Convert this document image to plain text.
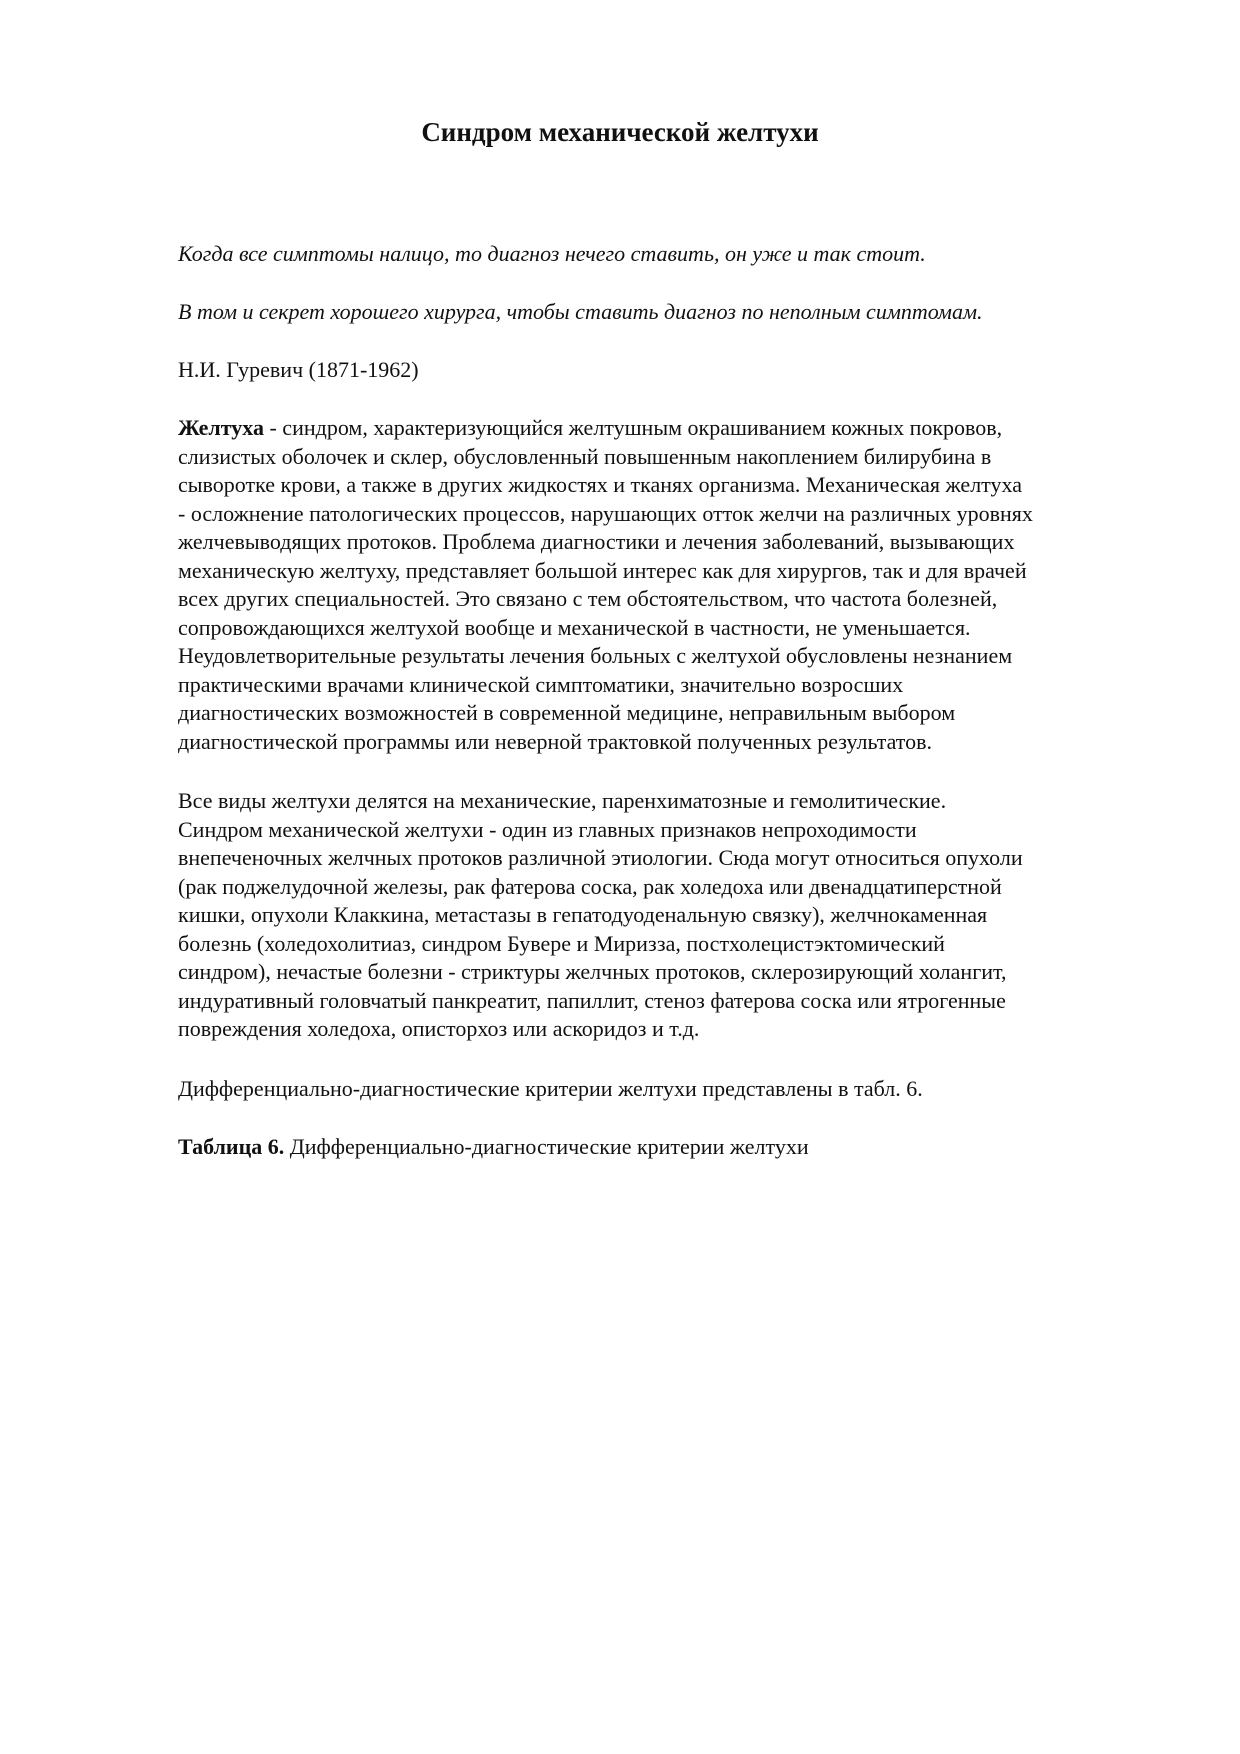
Синдром механической желтухи
Когда все симптомы налицо, то диагноз нечего ставить, он уже и так стоит.
В том и секрет хорошего хирурга, чтобы ставить диагноз по неполным симптомам.
Н.И. Гуревич (1871-1962)
Желтуха - синдром, характеризующийся желтушным окрашиванием кожных покровов,
слизистых оболочек и склер, обусловленный повышенным накоплением билирубина в
сыворотке крови, а также в других жидкостях и тканях организма. Механическая желтуха
- осложнение патологических процессов, нарушающих отток желчи на различных уровнях
желчевыводящих протоков. Проблема диагностики и лечения заболеваний, вызывающих
механическую желтуху, представляет большой интерес как для хирургов, так и для врачей
всех других специальностей. Это связано с тем обстоятельством, что частота болезней,
сопровождающихся желтухой вообще и механической в частности, не уменьшается.
Неудовлетворительные результаты лечения больных с желтухой обусловлены незнанием
практическими врачами клинической симптоматики, значительно возросших
диагностических возможностей в современной медицине, неправильным выбором
диагностической программы или неверной трактовкой полученных результатов.
Все виды желтухи делятся на механические, паренхиматозные и гемолитические.
Синдром механической желтухи - один из главных признаков непроходимости
внепеченочных желчных протоков различной этиологии. Сюда могут относиться опухоли
(рак поджелудочной железы, рак фатерова соска, рак холедоха или двенадцатиперстной
кишки, опухоли Клаккина, метастазы в гепатодуоденальную связку), желчнокаменная
болезнь (холедохолитиаз, синдром Бувере и Мириззa, постхолецистэктомический
синдром), нечастые болезни - стриктуры желчных протоков, склерозирующий холангит,
индуративный головчатый панкреатит, папиллит, стеноз фатерова соска или ятрогенные
повреждения холедоха, описторхоз или аскоридоз и т.д.
Дифференциально-диагностические критерии желтухи представлены в табл. 6.
Таблица 6. Дифференциально-диагностические критерии желтухи
